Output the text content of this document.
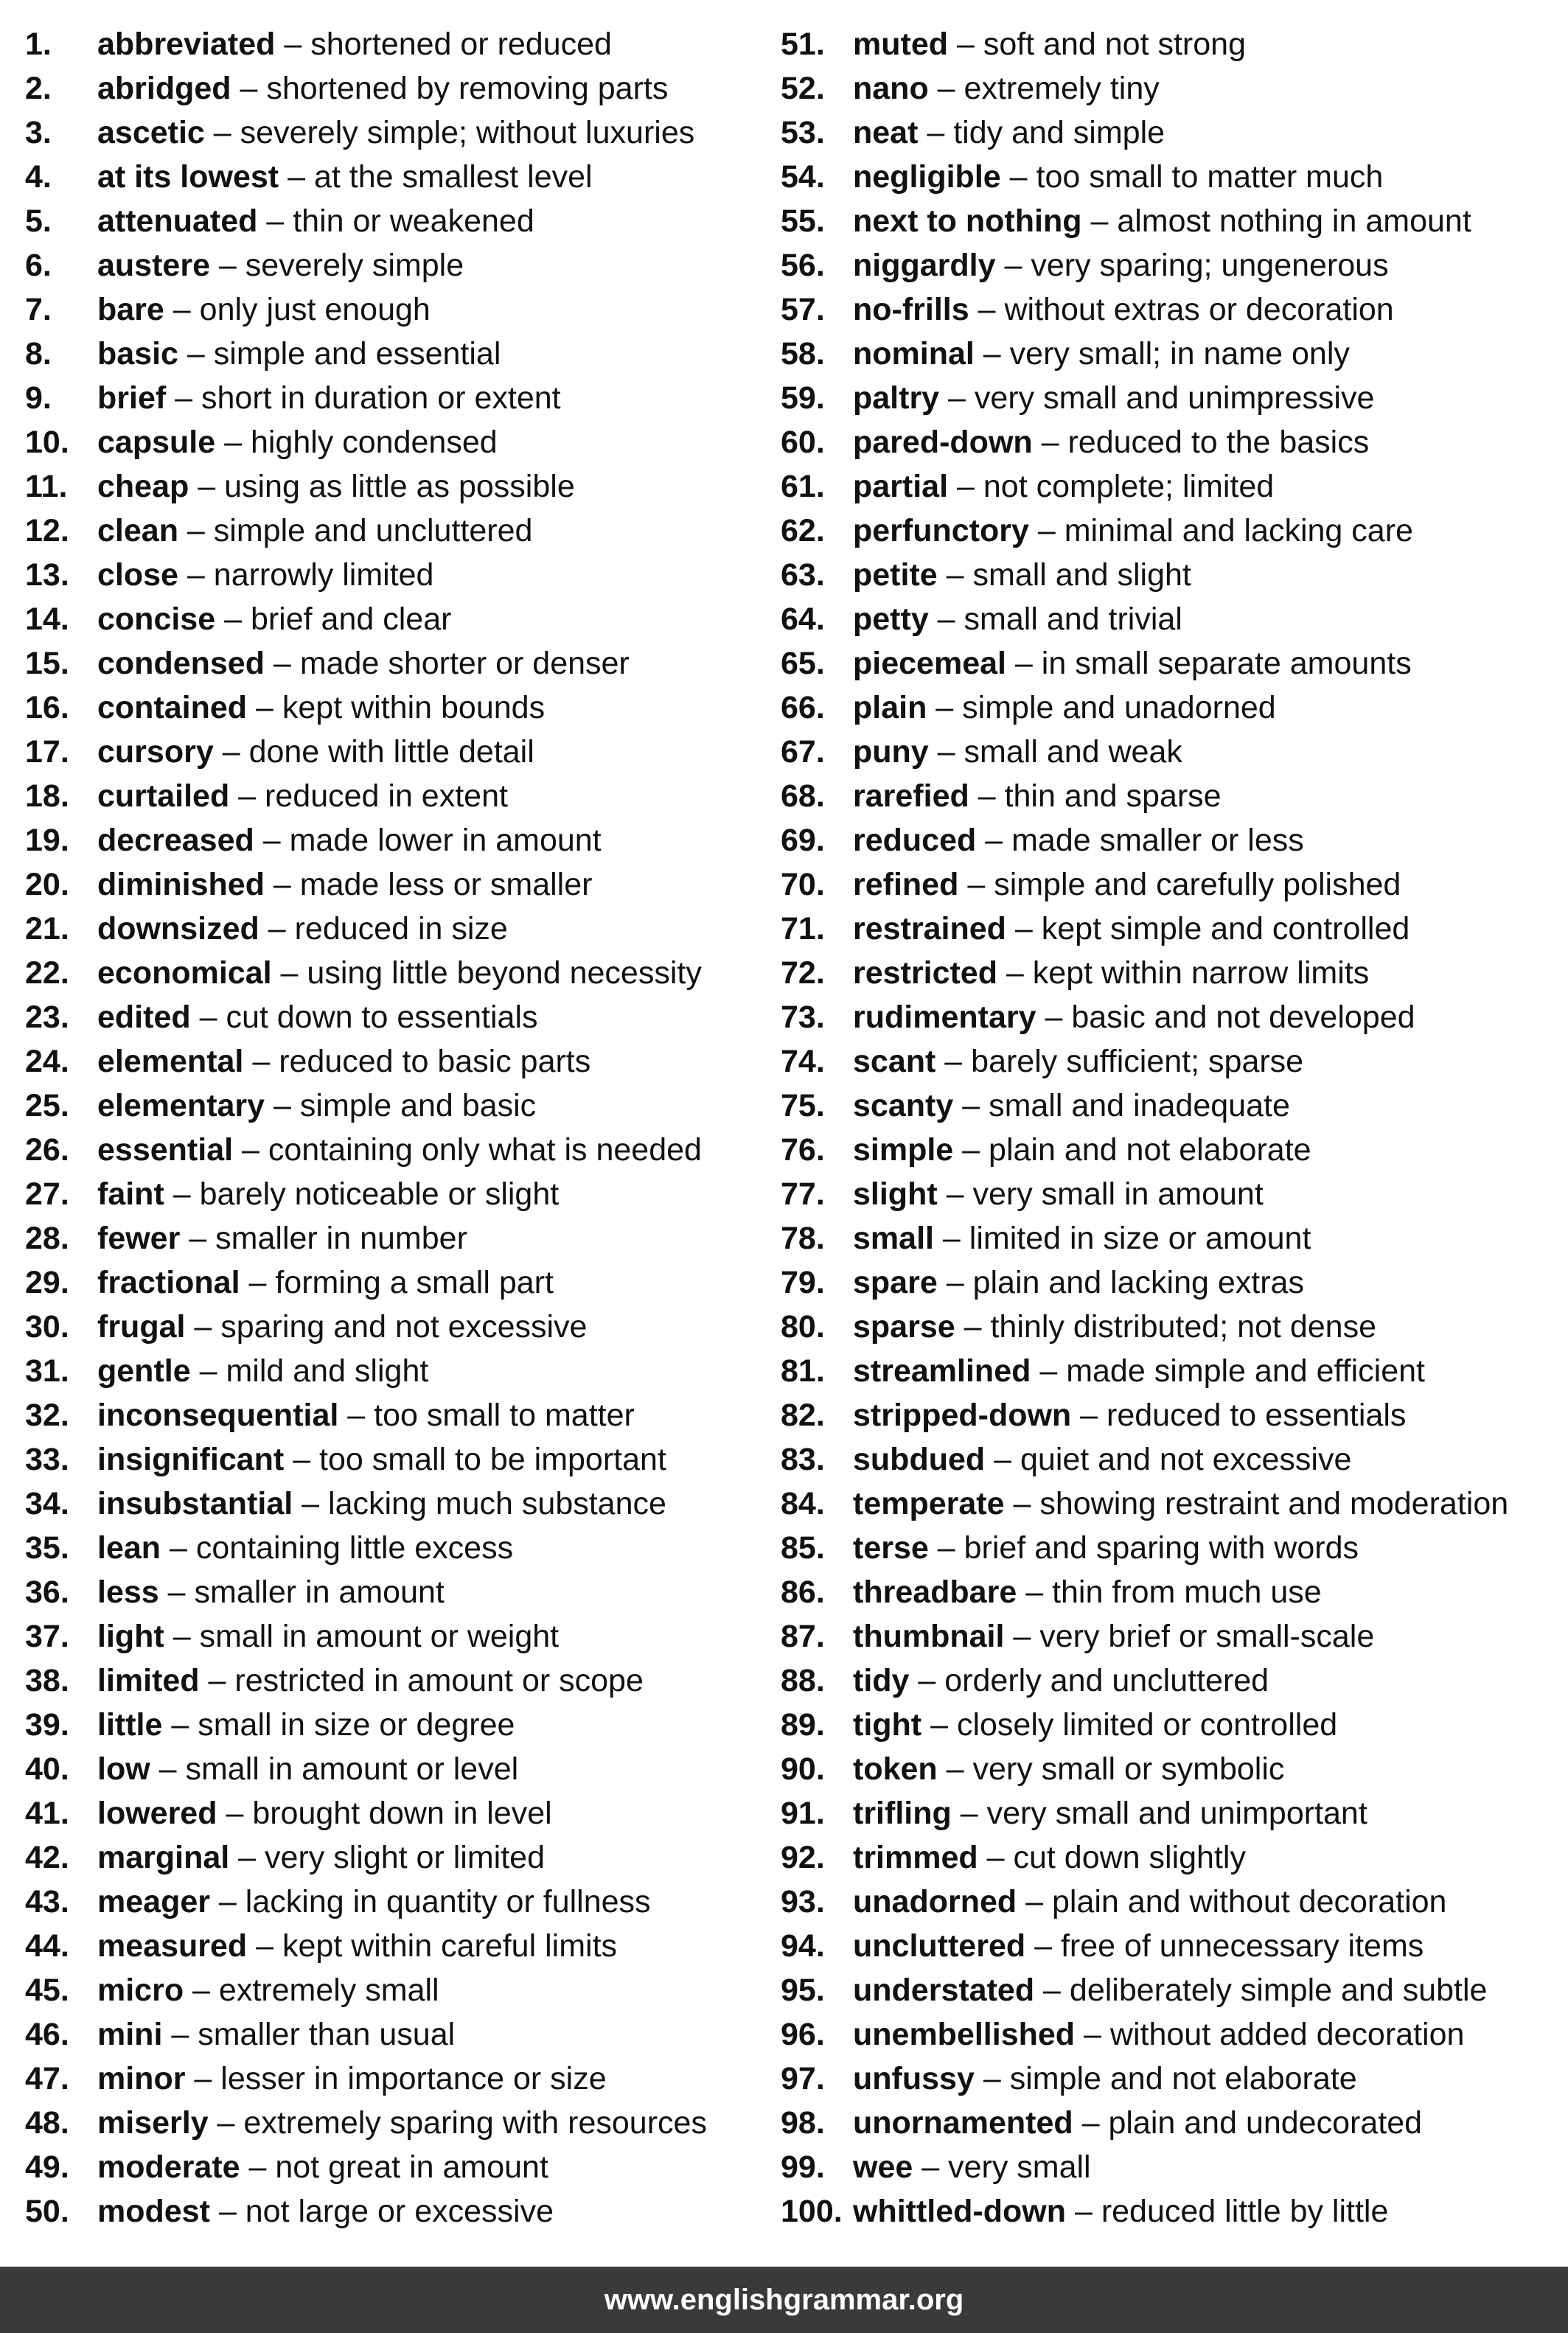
1. abbreviated – shortened or reduced
2. abridged – shortened by removing parts
3. ascetic – severely simple; without luxuries
4. at its lowest – at the smallest level
5. attenuated – thin or weakened
6. austere – severely simple
7. bare – only just enough
8. basic – simple and essential
9. brief – short in duration or extent
10. capsule – highly condensed
11. cheap – using as little as possible
12. clean – simple and uncluttered
13. close – narrowly limited
14. concise – brief and clear
15. condensed – made shorter or denser
16. contained – kept within bounds
17. cursory – done with little detail
18. curtailed – reduced in extent
19. decreased – made lower in amount
20. diminished – made less or smaller
21. downsized – reduced in size
22. economical – using little beyond necessity
23. edited – cut down to essentials
24. elemental – reduced to basic parts
25. elementary – simple and basic
26. essential – containing only what is needed
27. faint – barely noticeable or slight
28. fewer – smaller in number
29. fractional – forming a small part
30. frugal – sparing and not excessive
31. gentle – mild and slight
32. inconsequential – too small to matter
33. insignificant – too small to be important
34. insubstantial – lacking much substance
35. lean – containing little excess
36. less – smaller in amount
37. light – small in amount or weight
38. limited – restricted in amount or scope
39. little – small in size or degree
40. low – small in amount or level
41. lowered – brought down in level
42. marginal – very slight or limited
43. meager – lacking in quantity or fullness
44. measured – kept within careful limits
45. micro – extremely small
46. mini – smaller than usual
47. minor – lesser in importance or size
48. miserly – extremely sparing with resources
49. moderate – not great in amount
50. modest – not large or excessive
51. muted – soft and not strong
52. nano – extremely tiny
53. neat – tidy and simple
54. negligible – too small to matter much
55. next to nothing – almost nothing in amount
56. niggardly – very sparing; ungenerous
57. no-frills – without extras or decoration
58. nominal – very small; in name only
59. paltry – very small and unimpressive
60. pared-down – reduced to the basics
61. partial – not complete; limited
62. perfunctory – minimal and lacking care
63. petite – small and slight
64. petty – small and trivial
65. piecemeal – in small separate amounts
66. plain – simple and unadorned
67. puny – small and weak
68. rarefied – thin and sparse
69. reduced – made smaller or less
70. refined – simple and carefully polished
71. restrained – kept simple and controlled
72. restricted – kept within narrow limits
73. rudimentary – basic and not developed
74. scant – barely sufficient; sparse
75. scanty – small and inadequate
76. simple – plain and not elaborate
77. slight – very small in amount
78. small – limited in size or amount
79. spare – plain and lacking extras
80. sparse – thinly distributed; not dense
81. streamlined – made simple and efficient
82. stripped-down – reduced to essentials
83. subdued – quiet and not excessive
84. temperate – showing restraint and moderation
85. terse – brief and sparing with words
86. threadbare – thin from much use
87. thumbnail – very brief or small-scale
88. tidy – orderly and uncluttered
89. tight – closely limited or controlled
90. token – very small or symbolic
91. trifling – very small and unimportant
92. trimmed – cut down slightly
93. unadorned – plain and without decoration
94. uncluttered – free of unnecessary items
95. understated – deliberately simple and subtle
96. unembellished – without added decoration
97. unfussy – simple and not elaborate
98. unornamented – plain and undecorated
99. wee – very small
100. whittled-down – reduced little by little
www.englishgrammar.org
